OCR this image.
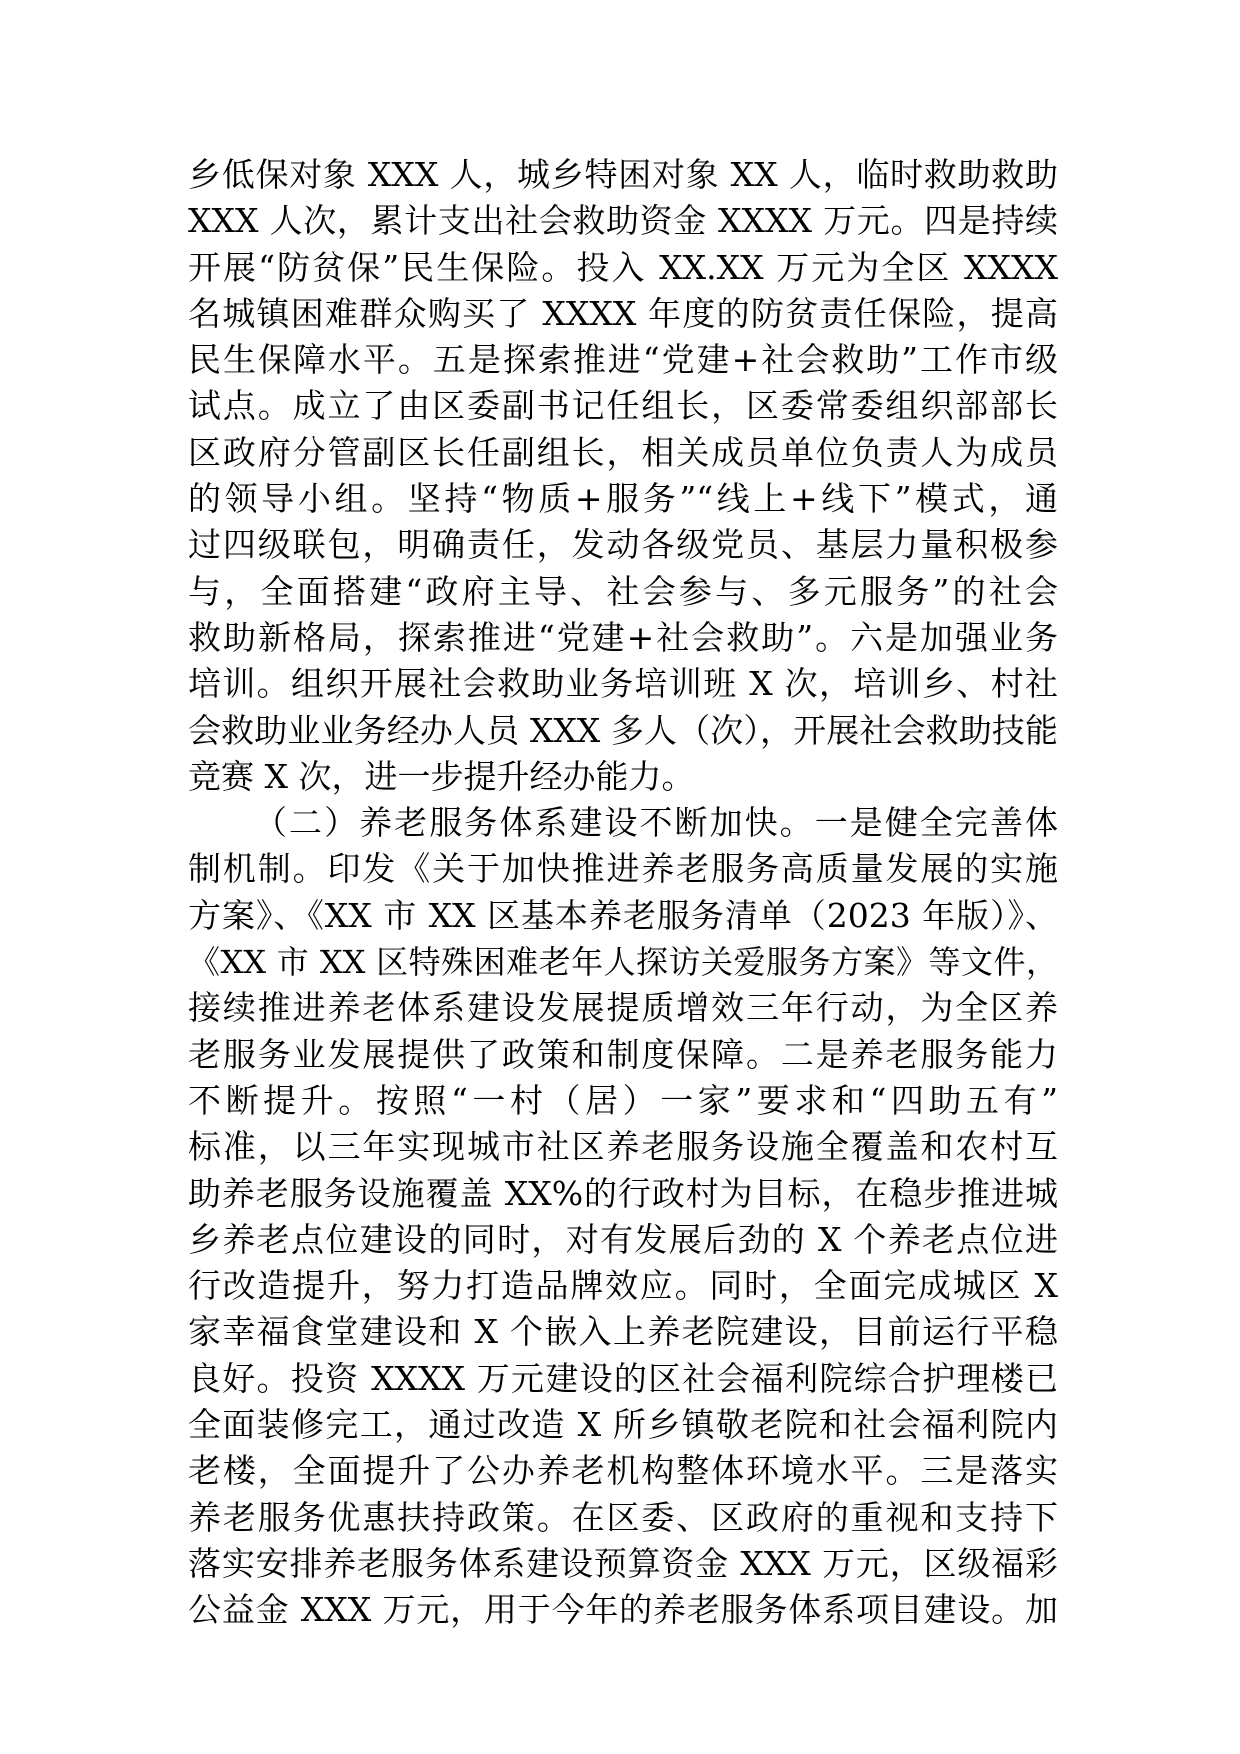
乡低保对象 XXX 人，城乡特困对象 XX 人，临时救助救助
XXX 人次，累计支出社会救助资金 XXXX 万元。四是持续
开展“防贫保”民生保险。投入 XX.XX 万元为全区 XXXX
名城镇困难群众购买了 XXXX 年度的防贫责任保险，提高
民生保障水平。五是探索推进“党建+社会救助”工作市级
试点。成立了由区委副书记任组长，区委常委组织部部长
区政府分管副区长任副组长，相关成员单位负责人为成员
的领导小组。坚持“物质+服务”“线上+线下”模式，通
过四级联包，明确责任，发动各级党员、基层力量积极参
与，全面搭建“政府主导、社会参与、多元服务”的社会
救助新格局，探索推进“党建+社会救助”。六是加强业务
培训。组织开展社会救助业务培训班 X 次，培训乡、村社
会救助业业务经办人员 XXX 多人（次），开展社会救助技能
竞赛 X 次，进一步提升经办能力。
（二）养老服务体系建设不断加快。一是健全完善体
制机制。印发《关于加快推进养老服务高质量发展的实施
方案》、《XX 市 XX 区基本养老服务清单（2023 年版）》、
《XX 市 XX 区特殊困难老年人探访关爱服务方案》等文件，
接续推进养老体系建设发展提质增效三年行动，为全区养
老服务业发展提供了政策和制度保障。二是养老服务能力
不断提升。按照“一村（居）一家”要求和“四助五有”
标准，以三年实现城市社区养老服务设施全覆盖和农村互
助养老服务设施覆盖 XX%的行政村为目标，在稳步推进城
乡养老点位建设的同时，对有发展后劲的 X 个养老点位进
行改造提升，努力打造品牌效应。同时，全面完成城区 X
家幸福食堂建设和 X 个嵌入上养老院建设，目前运行平稳
良好。投资 XXXX 万元建设的区社会福利院综合护理楼已
全面装修完工，通过改造 X 所乡镇敬老院和社会福利院内
老楼，全面提升了公办养老机构整体环境水平。三是落实
养老服务优惠扶持政策。在区委、区政府的重视和支持下
落实安排养老服务体系建设预算资金 XXX 万元，区级福彩
公益金 XXX 万元，用于今年的养老服务体系项目建设。加
